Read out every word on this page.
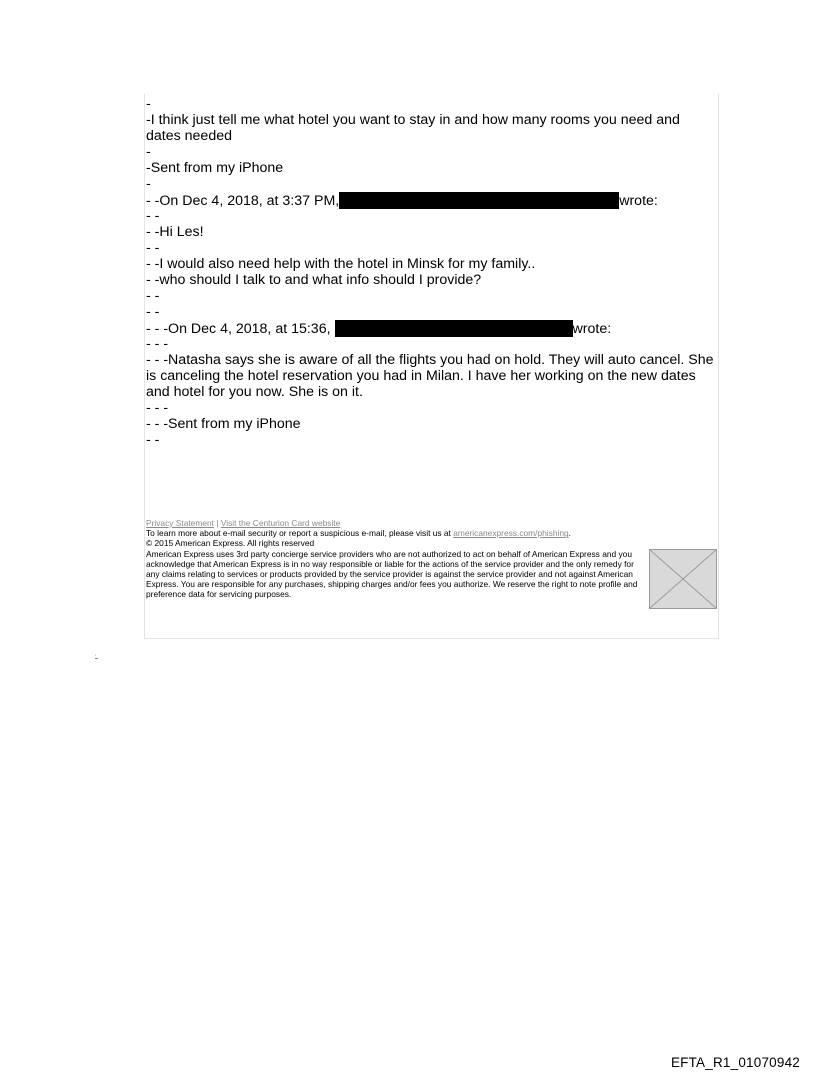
-
-I think just tell me what hotel you want to stay in and how many rooms you need and dates needed
-
-Sent from my iPhone
-
- -On Dec 4, 2018, at 3:37 PM,	wrote:
- -
- -Hi Les!
- -
- -I would also need help with the hotel in Minsk for my family..
- -who should I talk to and what info should I provide?
- -
- -
- - -On Dec 4, 2018, at 15:36,	wrote:
- - -
- - -Natasha says she is aware of all the flights you had on hold. They will auto cancel. She is canceling the hotel reservation you had in Milan. I have her working on the new dates and hotel for you now. She is on it.
- - -
- - -Sent from my iPhone
- -
Privacy Statement | Visit the Centurion Card website
To learn more about e-mail security or report a suspicious e-mail, please visit us at americanexpress.com/phishing.
© 2015 American Express. All rights reserved
American Express uses 3rd party concierge service providers who are not authorized to act on behalf of American Express and you acknowledge that American Express is in no way responsible or liable for the actions of the service provider and the only remedy for any claims relating to services or products provided by the service provider is against the service provider and not against American Express. You are responsible for any purchases, shipping charges and/or fees you authorize. We reserve the right to note profile and preference data for servicing purposes.
▪
▬
EFTA_R1_01070942
